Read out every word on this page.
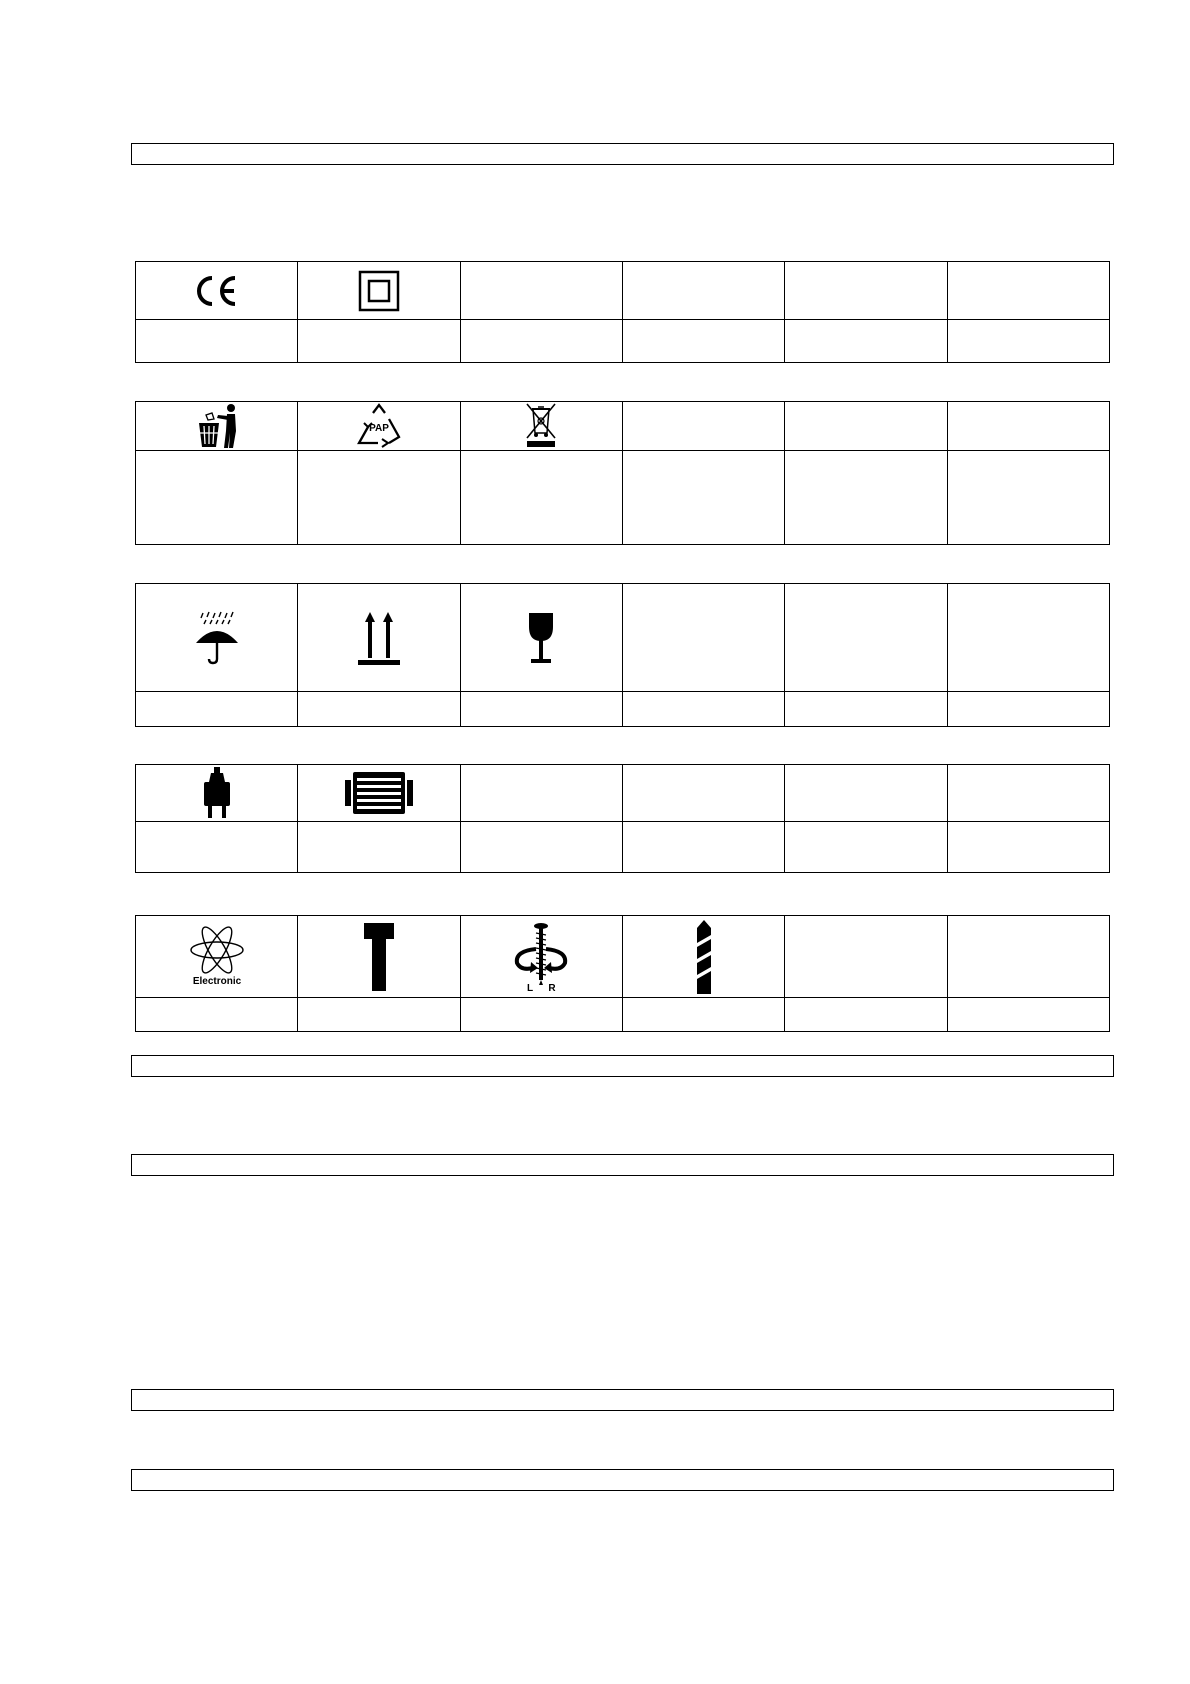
PAP

Electronic		L R
